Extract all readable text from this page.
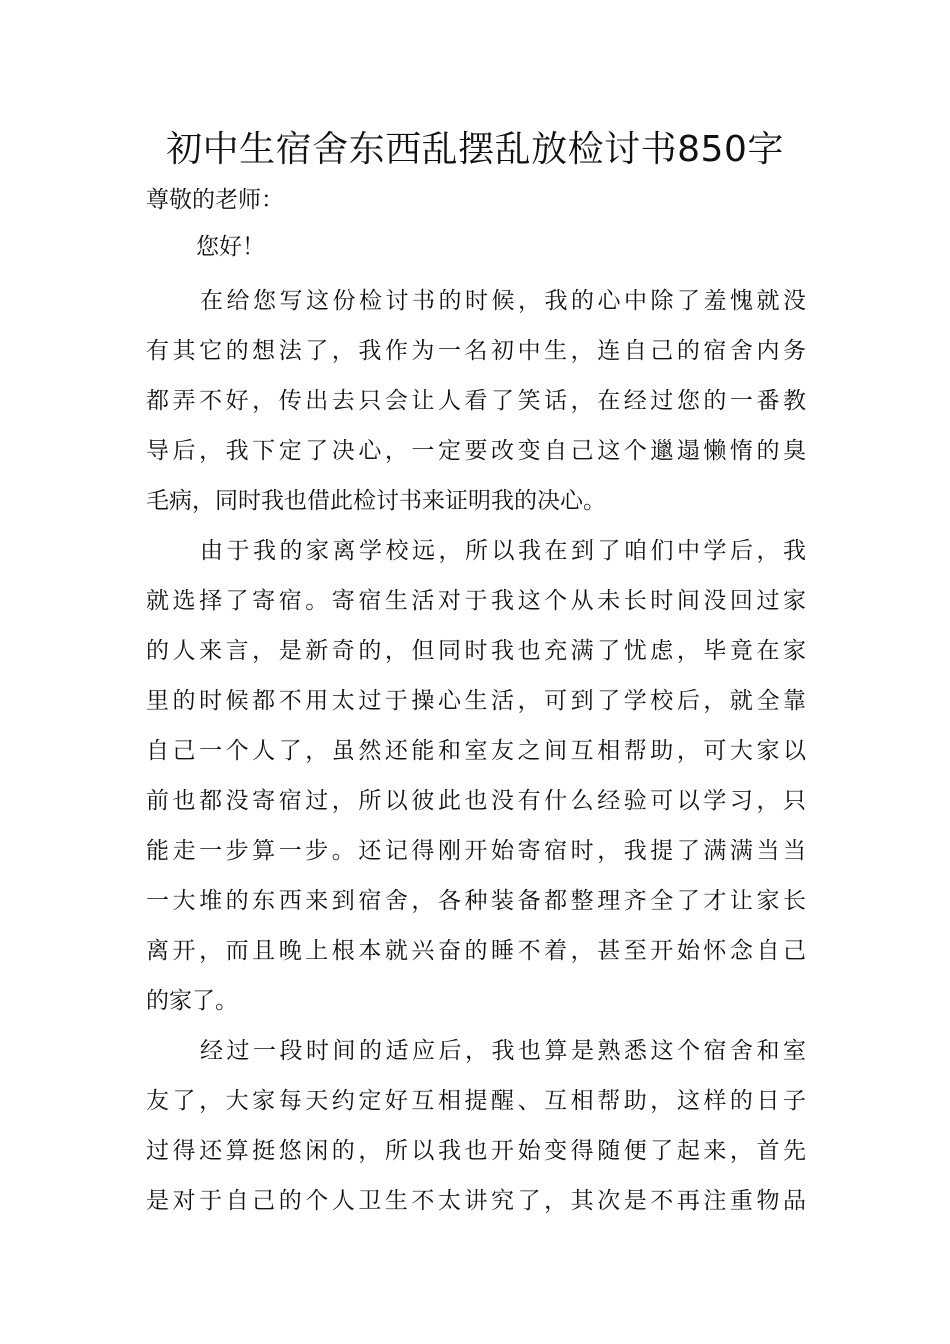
初中生宿舍东西乱摆乱放检讨书850字
尊敬的老师：
您好！
在给您写这份检讨书的时候，我的心中除了羞愧就没
有其它的想法了，我作为一名初中生，连自己的宿舍内务
都弄不好，传出去只会让人看了笑话，在经过您的一番教
导后，我下定了决心，一定要改变自己这个邋遢懒惰的臭
毛病，同时我也借此检讨书来证明我的决心。
由于我的家离学校远，所以我在到了咱们中学后，我
就选择了寄宿。寄宿生活对于我这个从未长时间没回过家
的人来言，是新奇的，但同时我也充满了忧虑，毕竟在家
里的时候都不用太过于操心生活，可到了学校后，就全靠
自己一个人了，虽然还能和室友之间互相帮助，可大家以
前也都没寄宿过，所以彼此也没有什么经验可以学习，只
能走一步算一步。还记得刚开始寄宿时，我提了满满当当
一大堆的东西来到宿舍，各种装备都整理齐全了才让家长
离开，而且晚上根本就兴奋的睡不着，甚至开始怀念自己
的家了。
经过一段时间的适应后，我也算是熟悉这个宿舍和室
友了，大家每天约定好互相提醒、互相帮助，这样的日子
过得还算挺悠闲的，所以我也开始变得随便了起来，首先
是对于自己的个人卫生不太讲究了，其次是不再注重物品
